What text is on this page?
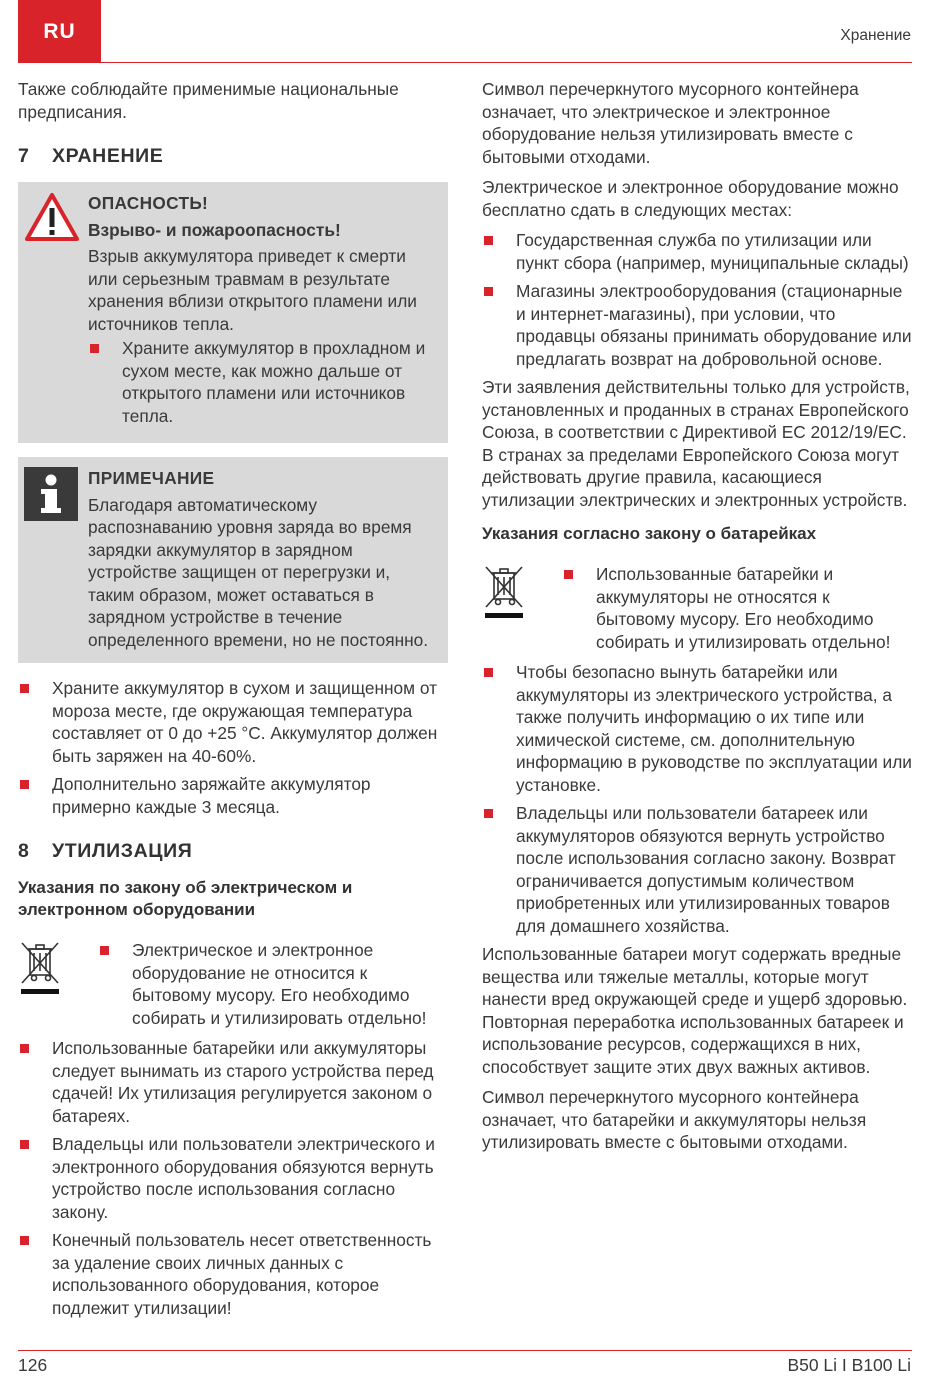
RU	Хранение

Также соблюдайте применимые национальные предписания.

7 ХРАНЕНИЕ
ОПАСНОСТЬ!
Взрыво- и пожароопасность!

Взрыв аккумулятора приведет к смерти или серьезным травмам в результате хранения вблизи открытого пламени или источников тепла.

Храните аккумулятор в прохладном и сухом месте, как можно дальше от открытого пламени или источников тепла.
ПРИМЕЧАНИЕ

Благодаря автоматическому распознаванию уровня заряда во время зарядки аккумулятор в зарядном устройстве защищен от перегрузки и, таким образом, может оставаться в зарядном устройстве в течение определенного времени, но не постоянно.

Храните аккумулятор в сухом и защищенном от мороза месте, где окружающая температура составляет от 0 до +25 °C. Аккумулятор должен быть заряжен на 40-60%.
Дополнительно заряжайте аккумулятор примерно каждые 3 месяца.
8 УТИЛИЗАЦИЯ
Указания по закону об электрическом и электронном оборудовании
Электрическое и электронное оборудование не относится к бытовому мусору. Его необходимо собирать и утилизировать отдельно!
Использованные батарейки или аккумуляторы следует вынимать из старого устройства перед сдачей! Их утилизация регулируется законом о батареях.
Владельцы или пользователи электрического и электронного оборудования обязуются вернуть устройство после использования согласно закону.
Конечный пользователь несет ответственность за удаление своих личных данных с использованного оборудования, которое подлежит утилизации!

Символ перечеркнутого мусорного контейнера означает, что электрическое и электронное оборудование нельзя утилизировать вместе с бытовыми отходами.

Электрическое и электронное оборудование можно бесплатно сдать в следующих местах:

Государственная служба по утилизации или пункт сбора (например, муниципальные склады)
Магазины электрооборудования (стационарные и интернет-магазины), при условии, что продавцы обязаны принимать оборудование или предлагать возврат на добровольной основе.

Эти заявления действительны только для устройств, установленных и проданных в странах Европейского Союза, в соответствии с Директивой ЕС 2012/19/ЕС. В странах за пределами Европейского Союза могут действовать другие правила, касающиеся утилизации электрических и электронных устройств.

Указания согласно закону о батарейках
Использованные батарейки и аккумуляторы не относятся к бытовому мусору. Его необходимо собирать и утилизировать отдельно!
Чтобы безопасно вынуть батарейки или аккумуляторы из электрического устройства, а также получить информацию о их типе или химической системе, см. дополнительную информацию в руководстве по эксплуатации или установке.
Владельцы или пользователи батареек или аккумуляторов обязуются вернуть устройство после использования согласно закону. Возврат ограничивается допустимым количеством приобретенных или утилизированных товаров для домашнего хозяйства.

Использованные батареи могут содержать вредные вещества или тяжелые металлы, которые могут нанести вред окружающей среде и ущерб здоровью. Повторная переработка использованных батареек и использование ресурсов, содержащихся в них, способствует защите этих двух важных активов.

Символ перечеркнутого мусорного контейнера означает, что батарейки и аккумуляторы нельзя утилизировать вместе с бытовыми отходами.

126	B50 Li I B100 Li
